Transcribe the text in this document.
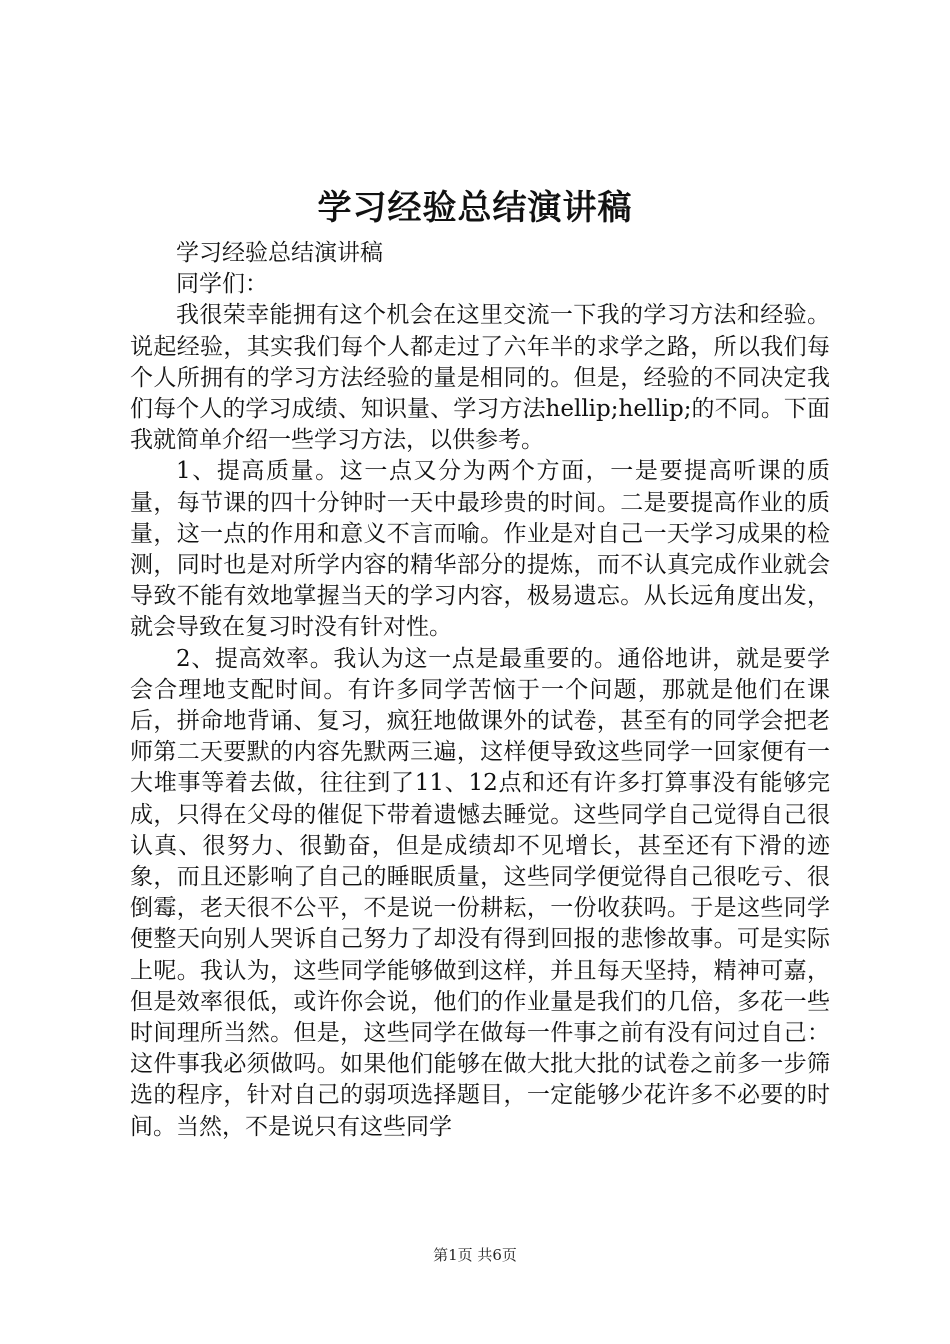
学习经验总结演讲稿

学习经验总结演讲稿

同学们：

我很荣幸能拥有这个机会在这里交流一下我的学习方法和经验。说起经验，其实我们每个人都走过了六年半的求学之路，所以我们每个人所拥有的学习方法经验的量是相同的。但是，经验的不同决定我们每个人的学习成绩、知识量、学习方法hellip;hellip;的不同。下面我就简单介绍一些学习方法，以供参考。

1、提高质量。这一点又分为两个方面，一是要提高听课的质量，每节课的四十分钟时一天中最珍贵的时间。二是要提高作业的质量，这一点的作用和意义不言而喻。作业是对自己一天学习成果的检测，同时也是对所学内容的精华部分的提炼，而不认真完成作业就会导致不能有效地掌握当天的学习内容，极易遗忘。从长远角度出发，就会导致在复习时没有针对性。

2、提高效率。我认为这一点是最重要的。通俗地讲，就是要学会合理地支配时间。有许多同学苦恼于一个问题，那就是他们在课后，拼命地背诵、复习，疯狂地做课外的试卷，甚至有的同学会把老师第二天要默的内容先默两三遍，这样便导致这些同学一回家便有一大堆事等着去做，往往到了11、12点和还有许多打算事没有能够完成，只得在父母的催促下带着遗憾去睡觉。这些同学自己觉得自己很认真、很努力、很勤奋，但是成绩却不见增长，甚至还有下滑的迹象，而且还影响了自己的睡眠质量，这些同学便觉得自己很吃亏、很倒霉，老天很不公平，不是说一份耕耘，一份收获吗。于是这些同学便整天向别人哭诉自己努力了却没有得到回报的悲惨故事。可是实际上呢。我认为，这些同学能够做到这样，并且每天坚持，精神可嘉，但是效率很低，或许你会说，他们的作业量是我们的几倍，多花一些时间理所当然。但是，这些同学在做每一件事之前有没有问过自己：这件事我必须做吗。如果他们能够在做大批大批的试卷之前多一步筛选的程序，针对自己的弱项选择题目，一定能够少花许多不必要的时间。当然，不是说只有这些同学

第1页 共6页
